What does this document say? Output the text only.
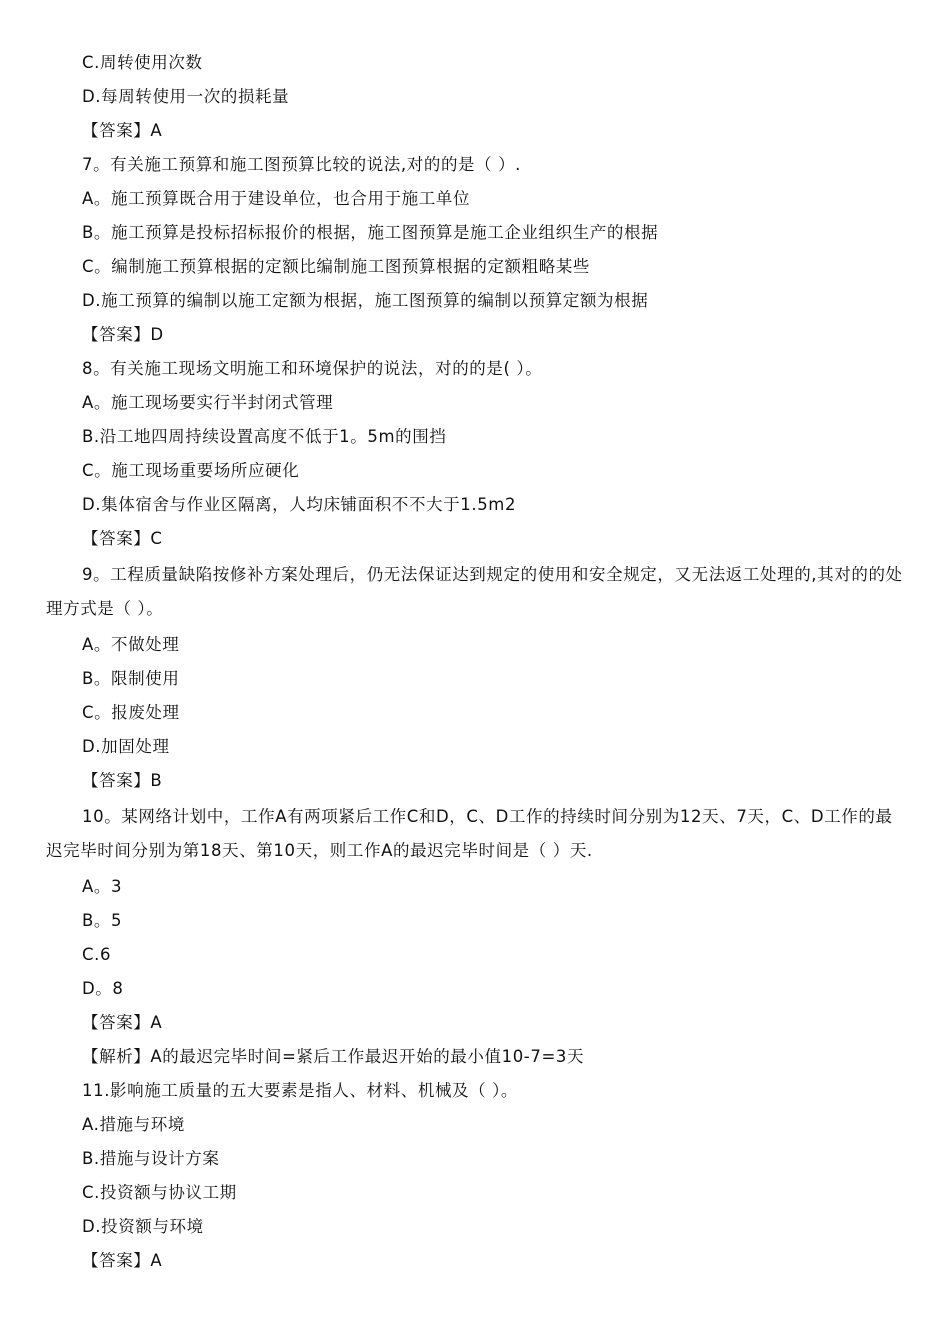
C.周转使用次数
D.每周转使用一次的损耗量
【答案】A
7。有关施工预算和施工图预算比较的说法,对的的是（ ）.
A。施工预算既合用于建设单位，也合用于施工单位
B。施工预算是投标招标报价的根据，施工图预算是施工企业组织生产的根据
C。编制施工预算根据的定额比编制施工图预算根据的定额粗略某些
D.施工预算的编制以施工定额为根据，施工图预算的编制以预算定额为根据
【答案】D
8。有关施工现场文明施工和环境保护的说法，对的的是( ）。
A。施工现场要实行半封闭式管理
B.沿工地四周持续设置高度不低于1。5m的围挡
C。施工现场重要场所应硬化
D.集体宿舍与作业区隔离，人均床铺面积不不大于1.5m2
【答案】C
9。工程质量缺陷按修补方案处理后，仍无法保证达到规定的使用和安全规定，又无法返工处理的,其对的的处理方式是（ ）。
A。不做处理
B。限制使用
C。报废处理
D.加固处理
【答案】B
10。某网络计划中，工作A有两项紧后工作C和D，C、D工作的持续时间分别为12天、7天，C、D工作的最迟完毕时间分别为第18天、第10天，则工作A的最迟完毕时间是（ ）天.
A。3
B。5
C.6
D。8
【答案】A
【解析】A的最迟完毕时间=紧后工作最迟开始的最小值10-7=3天
11.影响施工质量的五大要素是指人、材料、机械及（ ）。
A.措施与环境
B.措施与设计方案
C.投资额与协议工期
D.投资额与环境
【答案】A
